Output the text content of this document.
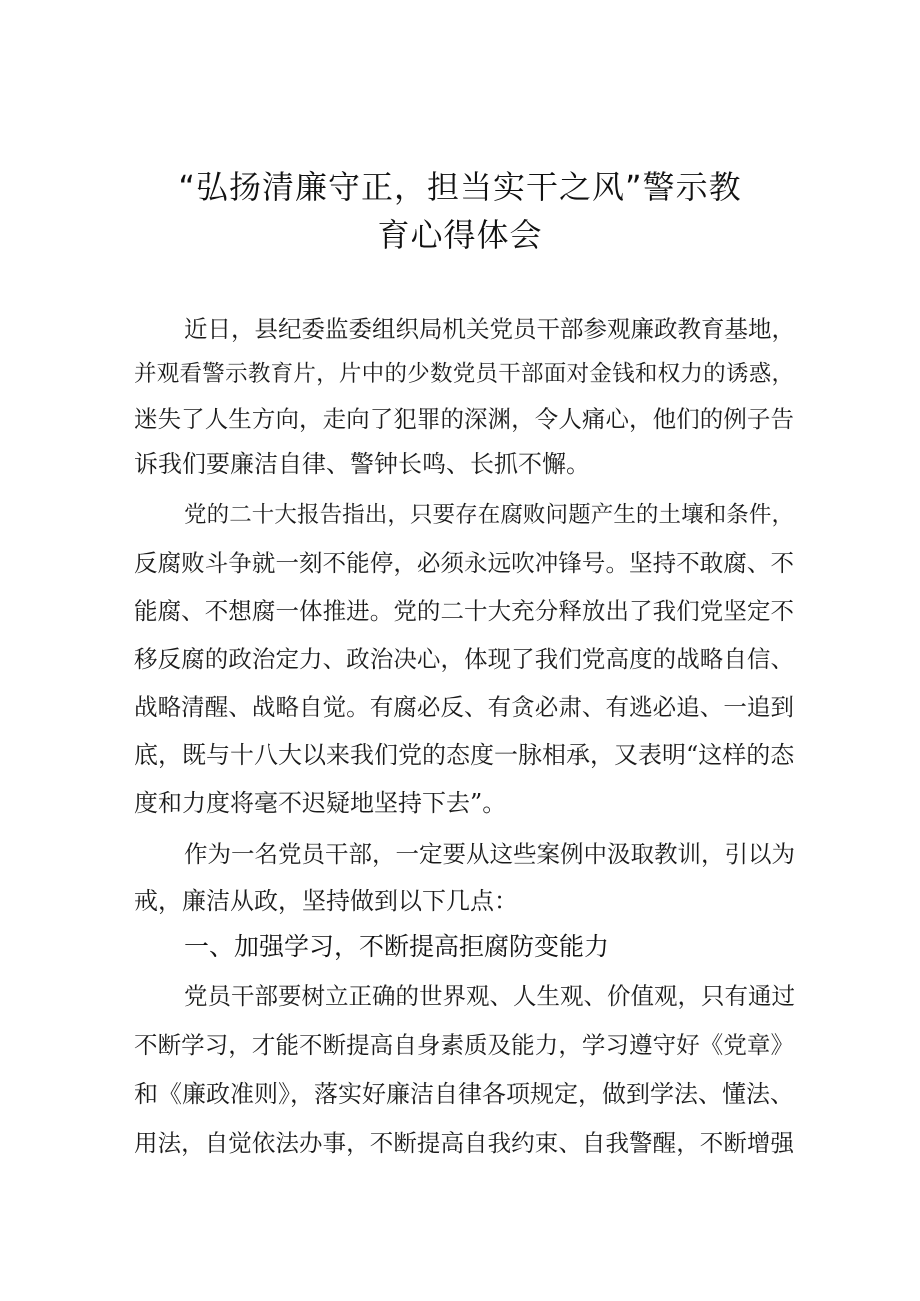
“弘扬清廉守正，担当实干之风”警示教
育心得体会
近日，县纪委监委组织局机关党员干部参观廉政教育基地，
并观看警示教育片，片中的少数党员干部面对金钱和权力的诱惑，
迷失了人生方向，走向了犯罪的深渊，令人痛心，他们的例子告
诉我们要廉洁自律、警钟长鸣、长抓不懈。
党的二十大报告指出，只要存在腐败问题产生的土壤和条件，
反腐败斗争就一刻不能停，必须永远吹冲锋号。坚持不敢腐、不
能腐、不想腐一体推进。党的二十大充分释放出了我们党坚定不
移反腐的政治定力、政治决心，体现了我们党高度的战略自信、
战略清醒、战略自觉。有腐必反、有贪必肃、有逃必追、一追到
底，既与十八大以来我们党的态度一脉相承，又表明“这样的态
度和力度将毫不迟疑地坚持下去”。
作为一名党员干部，一定要从这些案例中汲取教训，引以为
戒，廉洁从政，坚持做到以下几点：
一、加强学习，不断提高拒腐防变能力
党员干部要树立正确的世界观、人生观、价值观，只有通过
不断学习，才能不断提高自身素质及能力，学习遵守好《党章》
和《廉政准则》，落实好廉洁自律各项规定，做到学法、懂法、
用法，自觉依法办事，不断提高自我约束、自我警醒，不断增强
